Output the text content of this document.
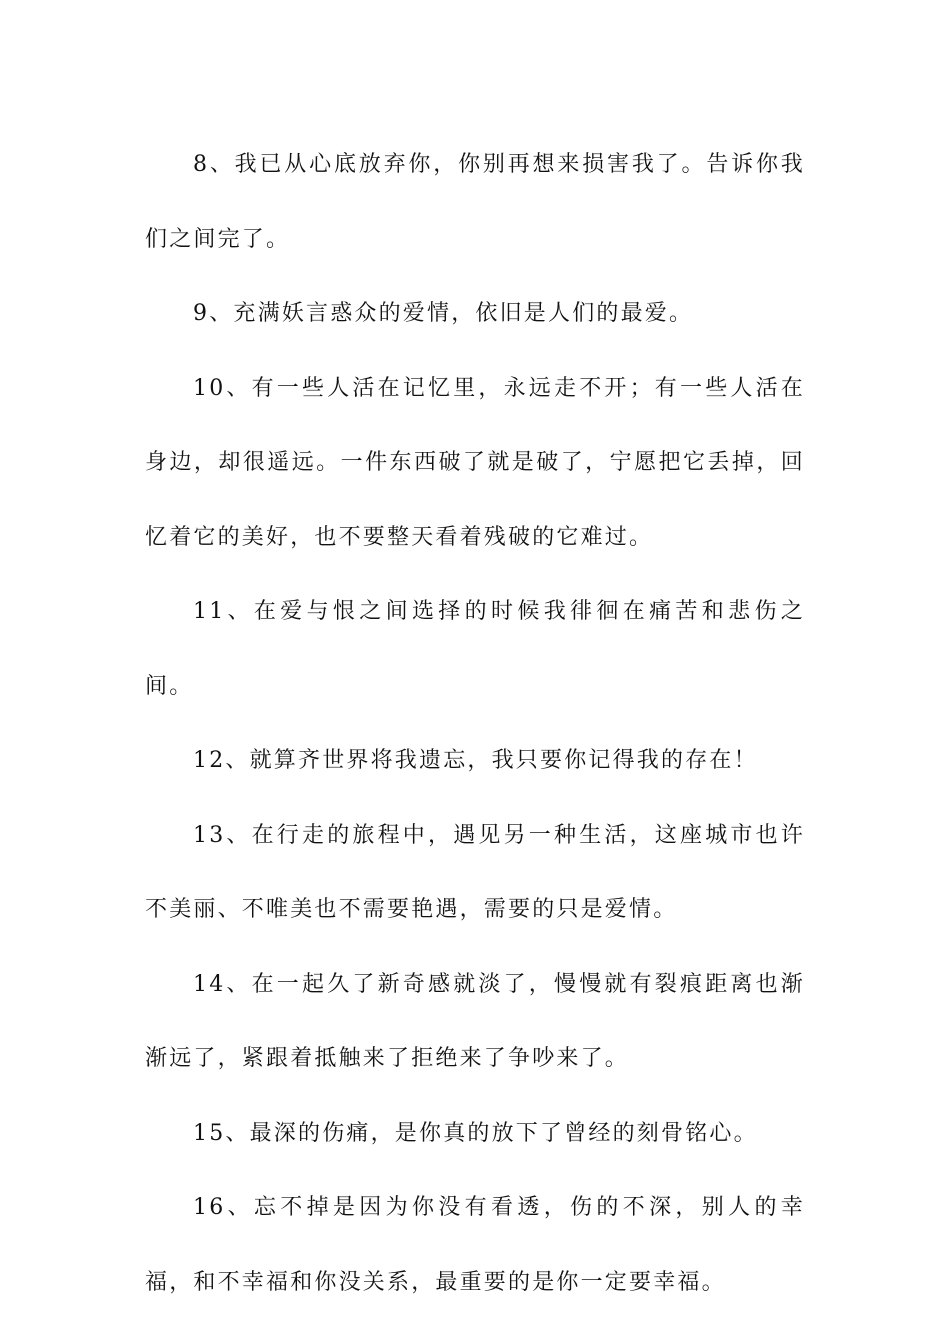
8、我已从心底放弃你，你别再想来损害我了。告诉你我们之间完了。

9、充满妖言惑众的爱情，依旧是人们的最爱。

10、有一些人活在记忆里，永远走不开；有一些人活在身边，却很遥远。一件东西破了就是破了，宁愿把它丢掉，回忆着它的美好，也不要整天看着残破的它难过。

11、在爱与恨之间选择的时候我徘徊在痛苦和悲伤之间。

12、就算齐世界将我遗忘，我只要你记得我的存在！

13、在行走的旅程中，遇见另一种生活，这座城市也许不美丽、不唯美也不需要艳遇，需要的只是爱情。

14、在一起久了新奇感就淡了，慢慢就有裂痕距离也渐渐远了，紧跟着抵触来了拒绝来了争吵来了。

15、最深的伤痛，是你真的放下了曾经的刻骨铭心。

16、忘不掉是因为你没有看透，伤的不深，别人的幸福，和不幸福和你没关系，最重要的是你一定要幸福。
